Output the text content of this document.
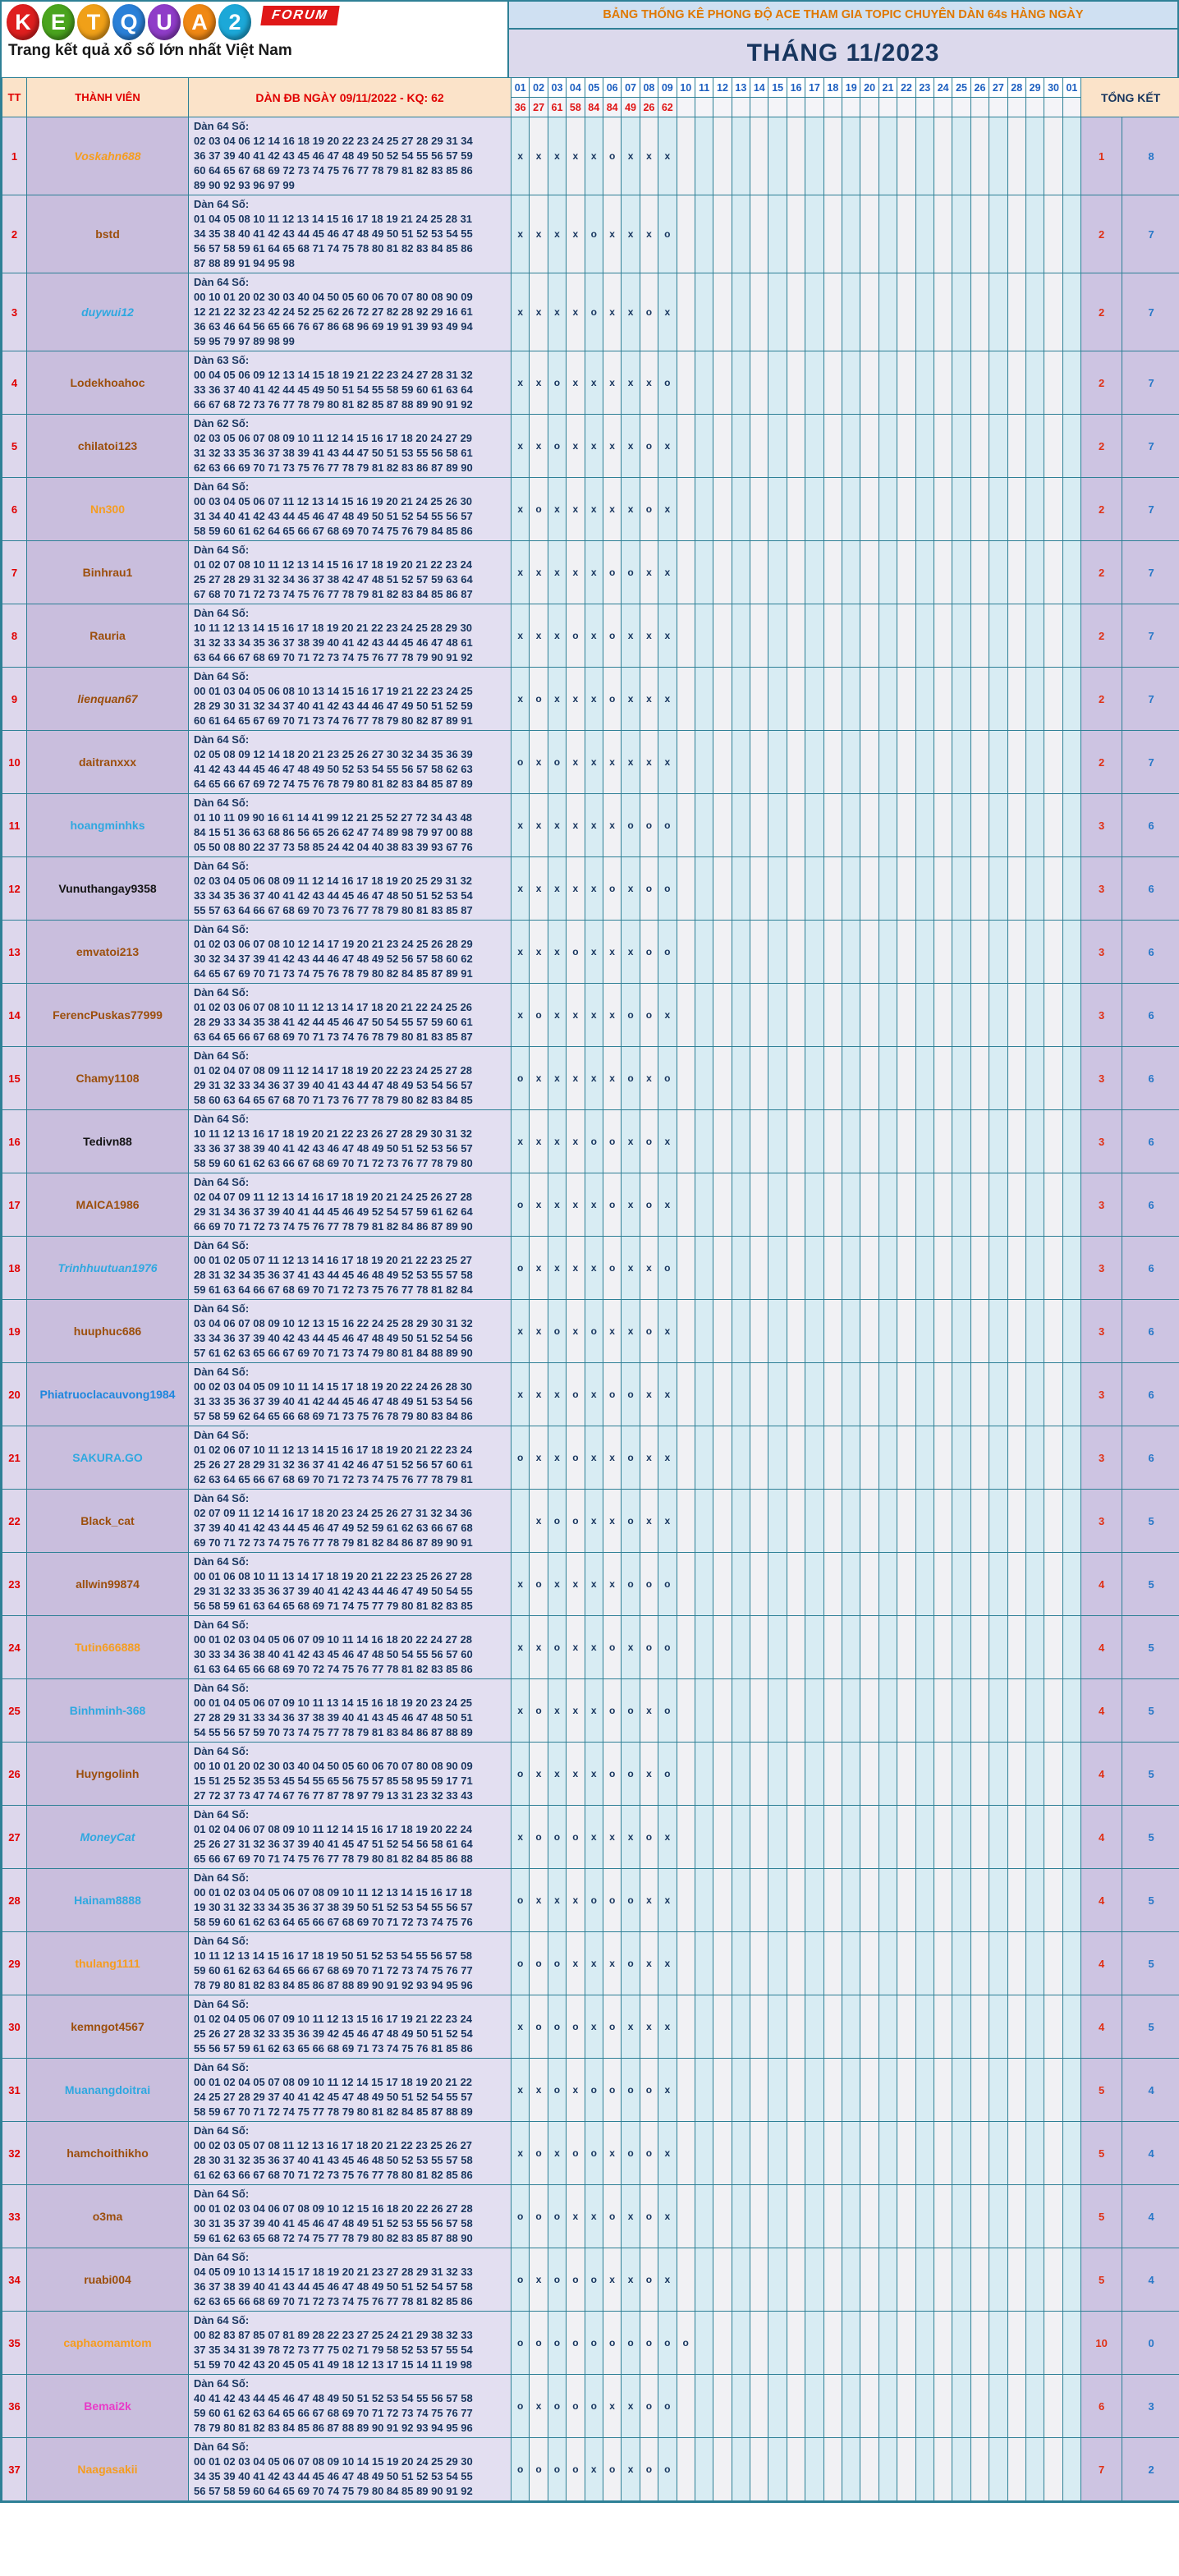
K E T Q U A 2	FORUM
Trang kết quả xổ số lớn nhất Việt Nam
BẢNG THỐNG KÊ PHONG ĐỘ ACE THAM GIA TOPIC CHUYÊN DÀN 64s HÀNG NGÀY
THÁNG 11/2023
TT	THÀNH VIÊN	DÀN ĐB NGÀY 09/11/2022 - KQ: 62	01	02	03	04	05	06	07	08	09	10	11	12	13	14	15	16	17	18	19	20	21	22	23	24	25	26	27	28	29	30	01	TỔNG KẾT	
			36	27	61	58	84	84	49	26	62																								
1	Voskahn688	Dàn 64 Số:
02 03 04 06 12 14 16 18 19 20 22 23 24 25 27 28 29 31 34
36 37 39 40 41 42 43 45 46 47 48 49 50 52 54 55 56 57 59
60 64 65 67 68 69 72 73 74 75 76 77 78 79 81 82 83 85 86
89 90 92 93 96 97 99	x	x	x	x	x	o	x	x	x																							1	8
2	bstd	Dàn 64 Số:
01 04 05 08 10 11 12 13 14 15 16 17 18 19 21 24 25 28 31
34 35 38 40 41 42 43 44 45 46 47 48 49 50 51 52 53 54 55
56 57 58 59 61 64 65 68 71 74 75 78 80 81 82 83 84 85 86
87 88 89 91 94 95 98	x	x	x	x	o	x	x	x	o																							2	7
3	duywui12	Dàn 64 Số:
00 10 01 20 02 30 03 40 04 50 05 60 06 70 07 80 08 90 09
12 21 22 32 23 42 24 52 25 62 26 72 27 82 28 92 29 16 61
36 63 46 64 56 65 66 76 67 86 68 96 69 19 91 39 93 49 94
59 95 79 97 89 98 99	x	x	x	x	o	x	x	o	x																							2	7
4	Lodekhoahoc	Dàn 63 Số:
00 04 05 06 09 12 13 14 15 18 19 21 22 23 24 27 28 31 32
33 36 37 40 41 42 44 45 49 50 51 54 55 58 59 60 61 63 64
66 67 68 72 73 76 77 78 79 80 81 82 85 87 88 89 90 91 92	x	x	o	x	x	x	x	x	o																							2	7
5	chilatoi123	Dàn 62 Số:
02 03 05 06 07 08 09 10 11 12 14 15 16 17 18 20 24 27 29
31 32 33 35 36 37 38 39 41 43 44 47 50 51 53 55 56 58 61
62 63 66 69 70 71 73 75 76 77 78 79 81 82 83 86 87 89 90	x	x	o	x	x	x	x	o	x																							2	7
6	Nn300	Dàn 64 Số:
00 03 04 05 06 07 11 12 13 14 15 16 19 20 21 24 25 26 30
31 34 40 41 42 43 44 45 46 47 48 49 50 51 52 54 55 56 57
58 59 60 61 62 64 65 66 67 68 69 70 74 75 76 79 84 85 86	x	o	x	x	x	x	x	o	x																							2	7
7	Binhrau1	Dàn 64 Số:
01 02 07 08 10 11 12 13 14 15 16 17 18 19 20 21 22 23 24
25 27 28 29 31 32 34 36 37 38 42 47 48 51 52 57 59 63 64
67 68 70 71 72 73 74 75 76 77 78 79 81 82 83 84 85 86 87	x	x	x	x	x	o	o	x	x																							2	7
8	Rauria	Dàn 64 Số:
10 11 12 13 14 15 16 17 18 19 20 21 22 23 24 25 28 29 30
31 32 33 34 35 36 37 38 39 40 41 42 43 44 45 46 47 48 61
63 64 66 67 68 69 70 71 72 73 74 75 76 77 78 79 90 91 92	x	x	x	o	x	o	x	x	x																							2	7
9	lienquan67	Dàn 64 Số:
00 01 03 04 05 06 08 10 13 14 15 16 17 19 21 22 23 24 25
28 29 30 31 32 34 37 40 41 42 43 44 46 47 49 50 51 52 59
60 61 64 65 67 69 70 71 73 74 76 77 78 79 80 82 87 89 91	x	o	x	x	x	o	x	x	x																							2	7
10	daitranxxx	Dàn 64 Số:
02 05 08 09 12 14 18 20 21 23 25 26 27 30 32 34 35 36 39
41 42 43 44 45 46 47 48 49 50 52 53 54 55 56 57 58 62 63
64 65 66 67 69 72 74 75 76 78 79 80 81 82 83 84 85 87 89	o	x	o	x	x	x	x	x	x																							2	7
11	hoangminhks	Dàn 64 Số:
01 10 11 09 90 16 61 14 41 99 12 21 25 52 27 72 34 43 48
84 15 51 36 63 68 86 56 65 26 62 47 74 89 98 79 97 00 88
05 50 08 80 22 37 73 58 85 24 42 04 40 38 83 39 93 67 76	x	x	x	x	x	x	o	o	o																							3	6
12	Vunuthangay9358	Dàn 64 Số:
02 03 04 05 06 08 09 11 12 14 16 17 18 19 20 25 29 31 32
33 34 35 36 37 40 41 42 43 44 45 46 47 48 50 51 52 53 54
55 57 63 64 66 67 68 69 70 73 76 77 78 79 80 81 83 85 87	x	x	x	x	x	o	x	o	o																							3	6
13	emvatoi213	Dàn 64 Số:
01 02 03 06 07 08 10 12 14 17 19 20 21 23 24 25 26 28 29
30 32 34 37 39 41 42 43 44 46 47 48 49 52 56 57 58 60 62
64 65 67 69 70 71 73 74 75 76 78 79 80 82 84 85 87 89 91	x	x	x	o	x	x	x	o	o																							3	6
14	FerencPuskas77999	Dàn 64 Số:
01 02 03 06 07 08 10 11 12 13 14 17 18 20 21 22 24 25 26
28 29 33 34 35 38 41 42 44 45 46 47 50 54 55 57 59 60 61
63 64 65 66 67 68 69 70 71 73 74 76 78 79 80 81 83 85 87	x	o	x	x	x	x	o	o	x																							3	6
15	Chamy1108	Dàn 64 Số:
01 02 04 07 08 09 11 12 14 17 18 19 20 22 23 24 25 27 28
29 31 32 33 34 36 37 39 40 41 43 44 47 48 49 53 54 56 57
58 60 63 64 65 67 68 70 71 73 76 77 78 79 80 82 83 84 85	o	x	x	x	x	x	o	x	o																							3	6
16	Tedivn88	Dàn 64 Số:
10 11 12 13 16 17 18 19 20 21 22 23 26 27 28 29 30 31 32
33 36 37 38 39 40 41 42 43 46 47 48 49 50 51 52 53 56 57
58 59 60 61 62 63 66 67 68 69 70 71 72 73 76 77 78 79 80	x	x	x	x	o	o	x	o	x																							3	6
17	MAICA1986	Dàn 64 Số:
02 04 07 09 11 12 13 14 16 17 18 19 20 21 24 25 26 27 28
29 31 34 36 37 39 40 41 44 45 46 49 52 54 57 59 61 62 64
66 69 70 71 72 73 74 75 76 77 78 79 81 82 84 86 87 89 90	o	x	x	x	x	o	x	o	x																							3	6
18	Trinhhuutuan1976	Dàn 64 Số:
00 01 02 05 07 11 12 13 14 16 17 18 19 20 21 22 23 25 27
28 31 32 34 35 36 37 41 43 44 45 46 48 49 52 53 55 57 58
59 61 63 64 66 67 68 69 70 71 72 73 75 76 77 78 81 82 84	o	x	x	x	x	o	x	x	o																							3	6
19	huuphuc686	Dàn 64 Số:
03 04 06 07 08 09 10 12 13 15 16 22 24 25 28 29 30 31 32
33 34 36 37 39 40 42 43 44 45 46 47 48 49 50 51 52 54 56
57 61 62 63 65 66 67 69 70 71 73 74 79 80 81 84 88 89 90	x	x	o	x	o	x	x	o	x																							3	6
20	Phiatruoclacauvong1984	Dàn 64 Số:
00 02 03 04 05 09 10 11 14 15 17 18 19 20 22 24 26 28 30
31 33 35 36 37 39 40 41 42 44 45 46 47 48 49 51 53 54 56
57 58 59 62 64 65 66 68 69 71 73 75 76 78 79 80 83 84 86	x	x	x	o	x	o	o	x	x																							3	6
21	SAKURA.GO	Dàn 64 Số:
01 02 06 07 10 11 12 13 14 15 16 17 18 19 20 21 22 23 24
25 26 27 28 29 31 32 36 37 41 42 46 47 51 52 56 57 60 61
62 63 64 65 66 67 68 69 70 71 72 73 74 75 76 77 78 79 81	o	x	x	o	x	x	o	x	x																							3	6
22	Black_cat	Dàn 64 Số:
02 07 09 11 12 14 16 17 18 20 23 24 25 26 27 31 32 34 36
37 39 40 41 42 43 44 45 46 47 49 52 59 61 62 63 66 67 68
69 70 71 72 73 74 75 76 77 78 79 81 82 84 86 87 89 90 91		x	o	o	x	x	o	x	x																							3	5
23	allwin99874	Dàn 64 Số:
00 01 06 08 10 11 13 14 17 18 19 20 21 22 23 25 26 27 28
29 31 32 33 35 36 37 39 40 41 42 43 44 46 47 49 50 54 55
56 58 59 61 63 64 65 68 69 71 74 75 77 79 80 81 82 83 85	x	o	x	x	x	x	o	o	o																							4	5
24	Tutin666888	Dàn 64 Số:
00 01 02 03 04 05 06 07 09 10 11 14 16 18 20 22 24 27 28
30 33 34 36 38 40 41 42 43 45 46 47 48 50 54 55 56 57 60
61 63 64 65 66 68 69 70 72 74 75 76 77 78 81 82 83 85 86	x	x	o	x	x	o	x	o	o																							4	5
25	Binhminh-368	Dàn 64 Số:
00 01 04 05 06 07 09 10 11 13 14 15 16 18 19 20 23 24 25
27 28 29 31 33 34 36 37 38 39 40 41 43 45 46 47 48 50 51
54 55 56 57 59 70 73 74 75 77 78 79 81 83 84 86 87 88 89	x	o	x	x	x	o	o	x	o																							4	5
26	Huyngolinh	Dàn 64 Số:
00 10 01 20 02 30 03 40 04 50 05 60 06 70 07 80 08 90 09
15 51 25 52 35 53 45 54 55 65 56 75 57 85 58 95 59 17 71
27 72 37 73 47 74 67 76 77 87 78 97 79 13 31 23 32 33 43	o	x	x	x	x	o	o	x	o																							4	5
27	MoneyCat	Dàn 64 Số:
01 02 04 06 07 08 09 10 11 12 14 15 16 17 18 19 20 22 24
25 26 27 31 32 36 37 39 40 41 45 47 51 52 54 56 58 61 64
65 66 67 69 70 71 74 75 76 77 78 79 80 81 82 84 85 86 88	x	o	o	o	x	x	x	o	x																							4	5
28	Hainam8888	Dàn 64 Số:
00 01 02 03 04 05 06 07 08 09 10 11 12 13 14 15 16 17 18
19 30 31 32 33 34 35 36 37 38 39 50 51 52 53 54 55 56 57
58 59 60 61 62 63 64 65 66 67 68 69 70 71 72 73 74 75 76	o	x	x	x	o	o	o	x	x																							4	5
29	thulang1111	Dàn 64 Số:
10 11 12 13 14 15 16 17 18 19 50 51 52 53 54 55 56 57 58
59 60 61 62 63 64 65 66 67 68 69 70 71 72 73 74 75 76 77
78 79 80 81 82 83 84 85 86 87 88 89 90 91 92 93 94 95 96	o	o	o	x	x	x	o	x	x																							4	5
30	kemngot4567	Dàn 64 Số:
01 02 04 05 06 07 09 10 11 12 13 15 16 17 19 21 22 23 24
25 26 27 28 32 33 35 36 39 42 45 46 47 48 49 50 51 52 54
55 56 57 59 61 62 63 65 66 68 69 71 73 74 75 76 81 85 86	x	o	o	o	x	o	x	x	x																							4	5
31	Muanangdoitrai	Dàn 64 Số:
00 01 02 04 05 07 08 09 10 11 12 14 15 17 18 19 20 21 22
24 25 27 28 29 37 40 41 42 45 47 48 49 50 51 52 54 55 57
58 59 67 70 71 72 74 75 77 78 79 80 81 82 84 85 87 88 89	x	x	o	x	o	o	o	o	x																							5	4
32	hamchoithikho	Dàn 64 Số:
00 02 03 05 07 08 11 12 13 16 17 18 20 21 22 23 25 26 27
28 30 31 32 35 36 37 40 41 43 45 46 48 50 52 53 55 57 58
61 62 63 66 67 68 70 71 72 73 75 76 77 78 80 81 82 85 86	x	o	x	o	o	x	o	o	x																							5	4
33	o3ma	Dàn 64 Số:
00 01 02 03 04 06 07 08 09 10 12 15 16 18 20 22 26 27 28
30 31 35 37 39 40 41 45 46 47 48 49 51 52 53 55 56 57 58
59 61 62 63 65 68 72 74 75 77 78 79 80 82 83 85 87 88 90	o	o	o	x	x	o	x	o	x																							5	4
34	ruabi004	Dàn 64 Số:
04 05 09 10 13 14 15 17 18 19 20 21 23 27 28 29 31 32 33
36 37 38 39 40 41 43 44 45 46 47 48 49 50 51 52 54 57 58
62 63 65 66 68 69 70 71 72 73 74 75 76 77 78 81 82 85 86	o	x	o	o	o	x	x	o	x																							5	4
35	caphaomamtom	Dàn 64 Số:
00 82 83 87 85 07 81 89 28 22 23 27 25 24 21 29 38 32 33
37 35 34 31 39 78 72 73 77 75 02 71 79 58 52 53 57 55 54
51 59 70 42 43 20 45 05 41 49 18 12 13 17 15 14 11 19 98	o	o	o	o	o	o	o	o	o	o																						10	0
36	Bemai2k	Dàn 64 Số:
40 41 42 43 44 45 46 47 48 49 50 51 52 53 54 55 56 57 58
59 60 61 62 63 64 65 66 67 68 69 70 71 72 73 74 75 76 77
78 79 80 81 82 83 84 85 86 87 88 89 90 91 92 93 94 95 96	o	x	o	o	o	x	x	o	o																							6	3
37	Naagasakii	Dàn 64 Số:
00 01 02 03 04 05 06 07 08 09 10 14 15 19 20 24 25 29 30
34 35 39 40 41 42 43 44 45 46 47 48 49 50 51 52 53 54 55
56 57 58 59 60 64 65 69 70 74 75 79 80 84 85 89 90 91 92	o	o	o	o	x	o	x	o	o																							7	2
